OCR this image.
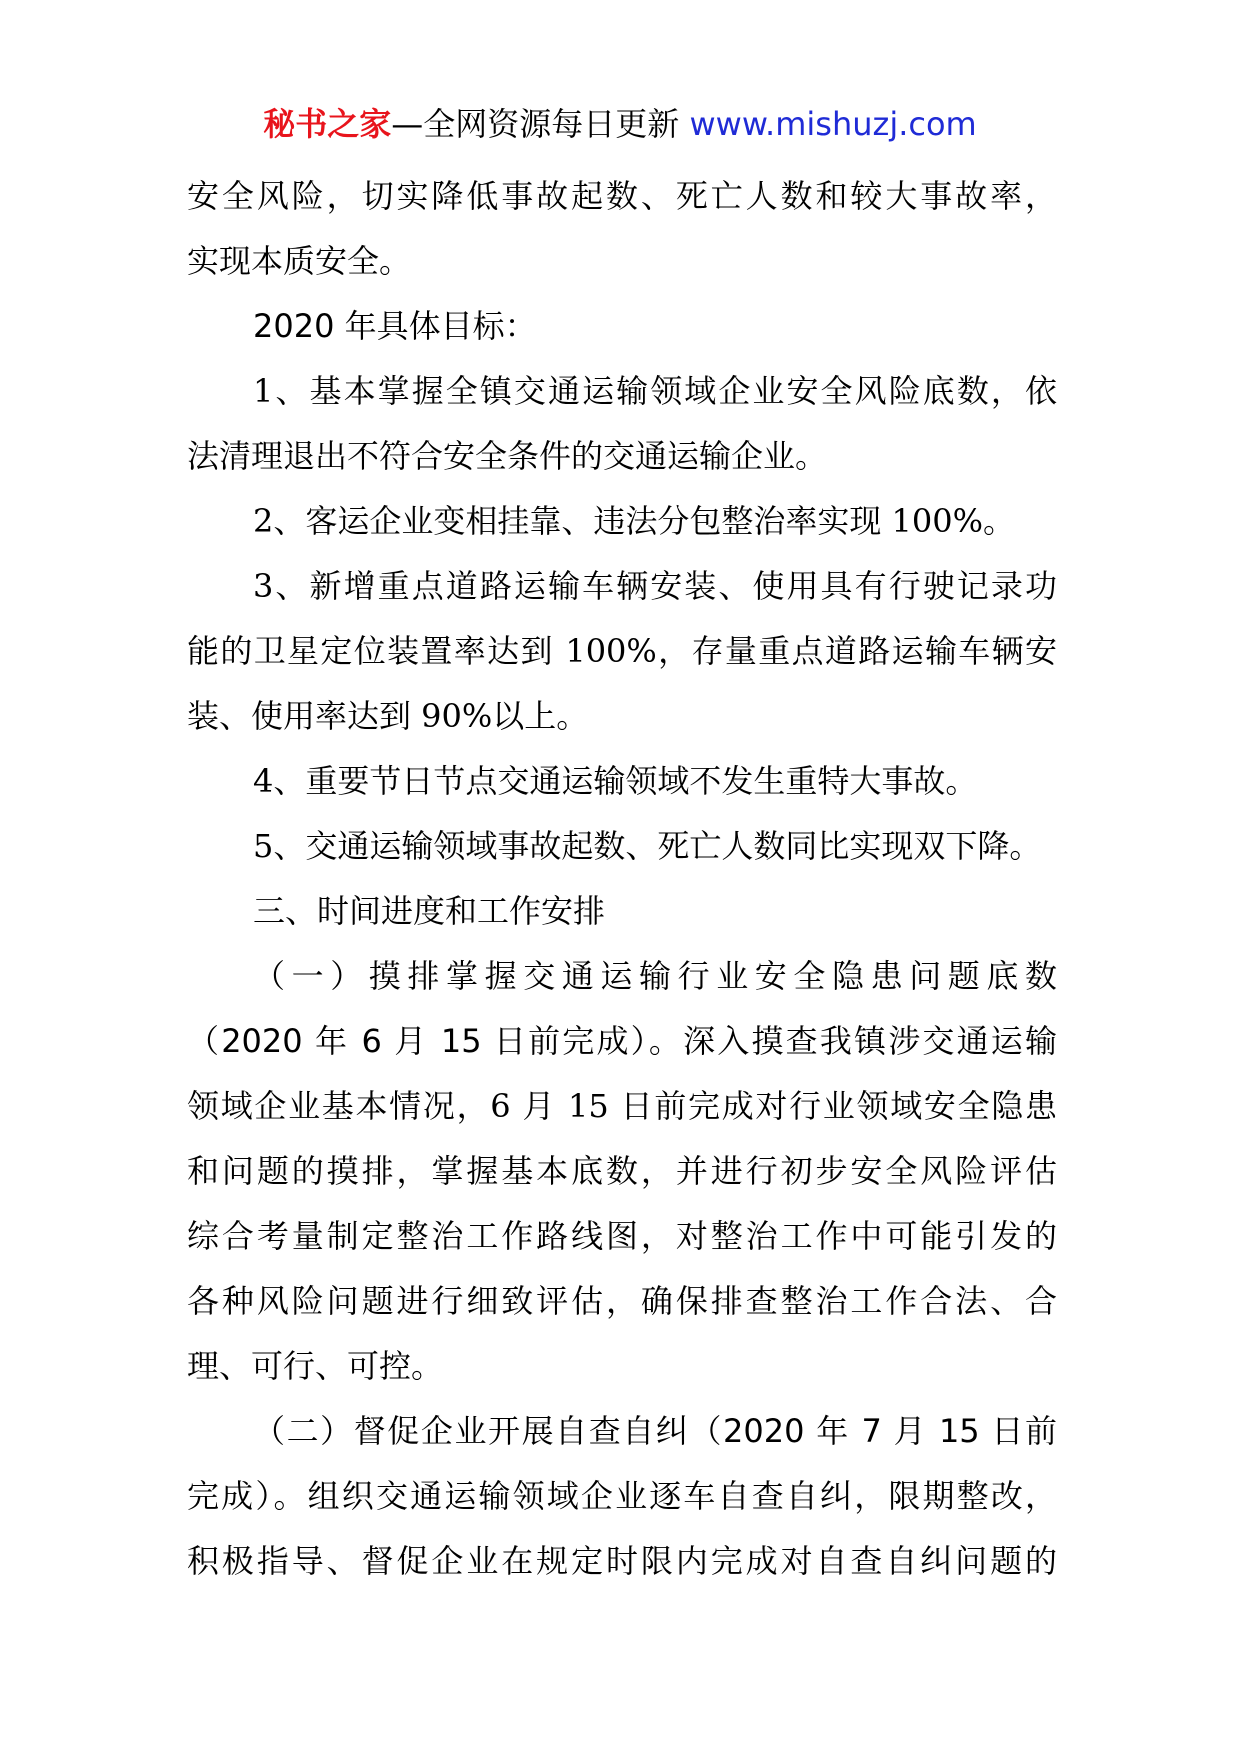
秘书之家—全网资源每日更新 www.mishuzj.com
安全风险，切实降低事故起数、死亡人数和较大事故率，
实现本质安全。
2020 年具体目标：
1、基本掌握全镇交通运输领域企业安全风险底数，依
法清理退出不符合安全条件的交通运输企业。
2、客运企业变相挂靠、违法分包整治率实现 100%。
3、新增重点道路运输车辆安装、使用具有行驶记录功
能的卫星定位装置率达到 100%，存量重点道路运输车辆安
装、使用率达到 90%以上。
4、重要节日节点交通运输领域不发生重特大事故。
5、交通运输领域事故起数、死亡人数同比实现双下降。
三、时间进度和工作安排
（一）摸排掌握交通运输行业安全隐患问题底数
（2020 年 6 月 15 日前完成）。深入摸查我镇涉交通运输
领域企业基本情况，6 月 15 日前完成对行业领域安全隐患
和问题的摸排，掌握基本底数，并进行初步安全风险评估
综合考量制定整治工作路线图，对整治工作中可能引发的
各种风险问题进行细致评估，确保排查整治工作合法、合
理、可行、可控。
（二）督促企业开展自查自纠（2020 年 7 月 15 日前
完成）。组织交通运输领域企业逐车自查自纠，限期整改，
积极指导、督促企业在规定时限内完成对自查自纠问题的
